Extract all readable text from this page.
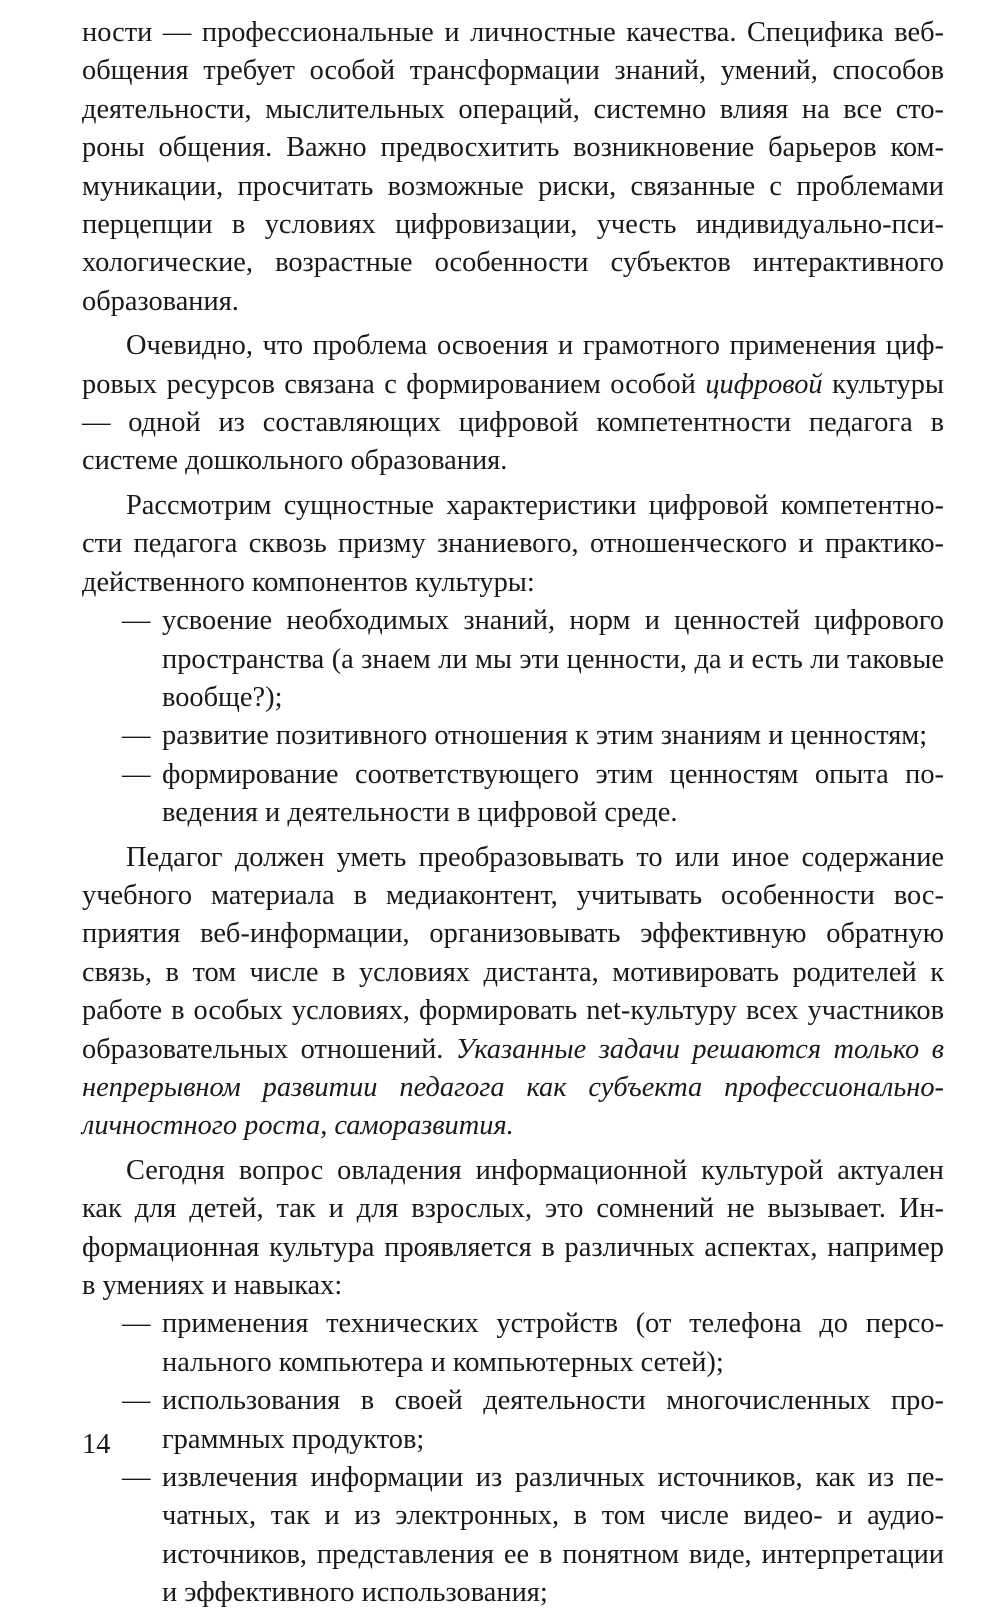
ности — профессиональные и личностные качества. Специфика вебобщения требует особой трансформации знаний, умений, способов деятельности, мыслительных операций, системно влияя на все стороны общения. Важно предвосхитить возникновение барьеров коммуникации, просчитать возможные риски, связанные с проблемами перцепции в условиях цифровизации, учесть индивидуально-психологические, возрастные особенности субъектов интерактивного образования.

Очевидно, что проблема освоения и грамотного применения цифровых ресурсов связана с формированием особой цифровой культуры — одной из составляющих цифровой компетентности педагога в системе дошкольного образования.

Рассмотрим сущностные характеристики цифровой компетентности педагога сквозь призму знаниевого, отношенческого и практикодейственного компонентов культуры:

— усвоение необходимых знаний, норм и ценностей цифрового пространства (а знаем ли мы эти ценности, да и есть ли таковые вообще?);
— развитие позитивного отношения к этим знаниям и ценностям;
— формирование соответствующего этим ценностям опыта поведения и деятельности в цифровой среде.

Педагог должен уметь преобразовывать то или иное содержание учебного материала в медиаконтент, учитывать особенности восприятия веб-информации, организовывать эффективную обратную связь, в том числе в условиях дистанта, мотивировать родителей к работе в особых условиях, формировать net-культуру всех участников образовательных отношений. Указанные задачи решаются только в непрерывном развитии педагога как субъекта профессионально-личностного роста, саморазвития.

Сегодня вопрос овладения информационной культурой актуален как для детей, так и для взрослых, это сомнений не вызывает. Информационная культура проявляется в различных аспектах, например в умениях и навыках:

— применения технических устройств (от телефона до персонального компьютера и компьютерных сетей);
— использования в своей деятельности многочисленных программных продуктов;
— извлечения информации из различных источников, как из печатных, так и из электронных, в том числе видео- и аудиоисточников, представления ее в понятном виде, интерпретации и эффективного использования;
14
